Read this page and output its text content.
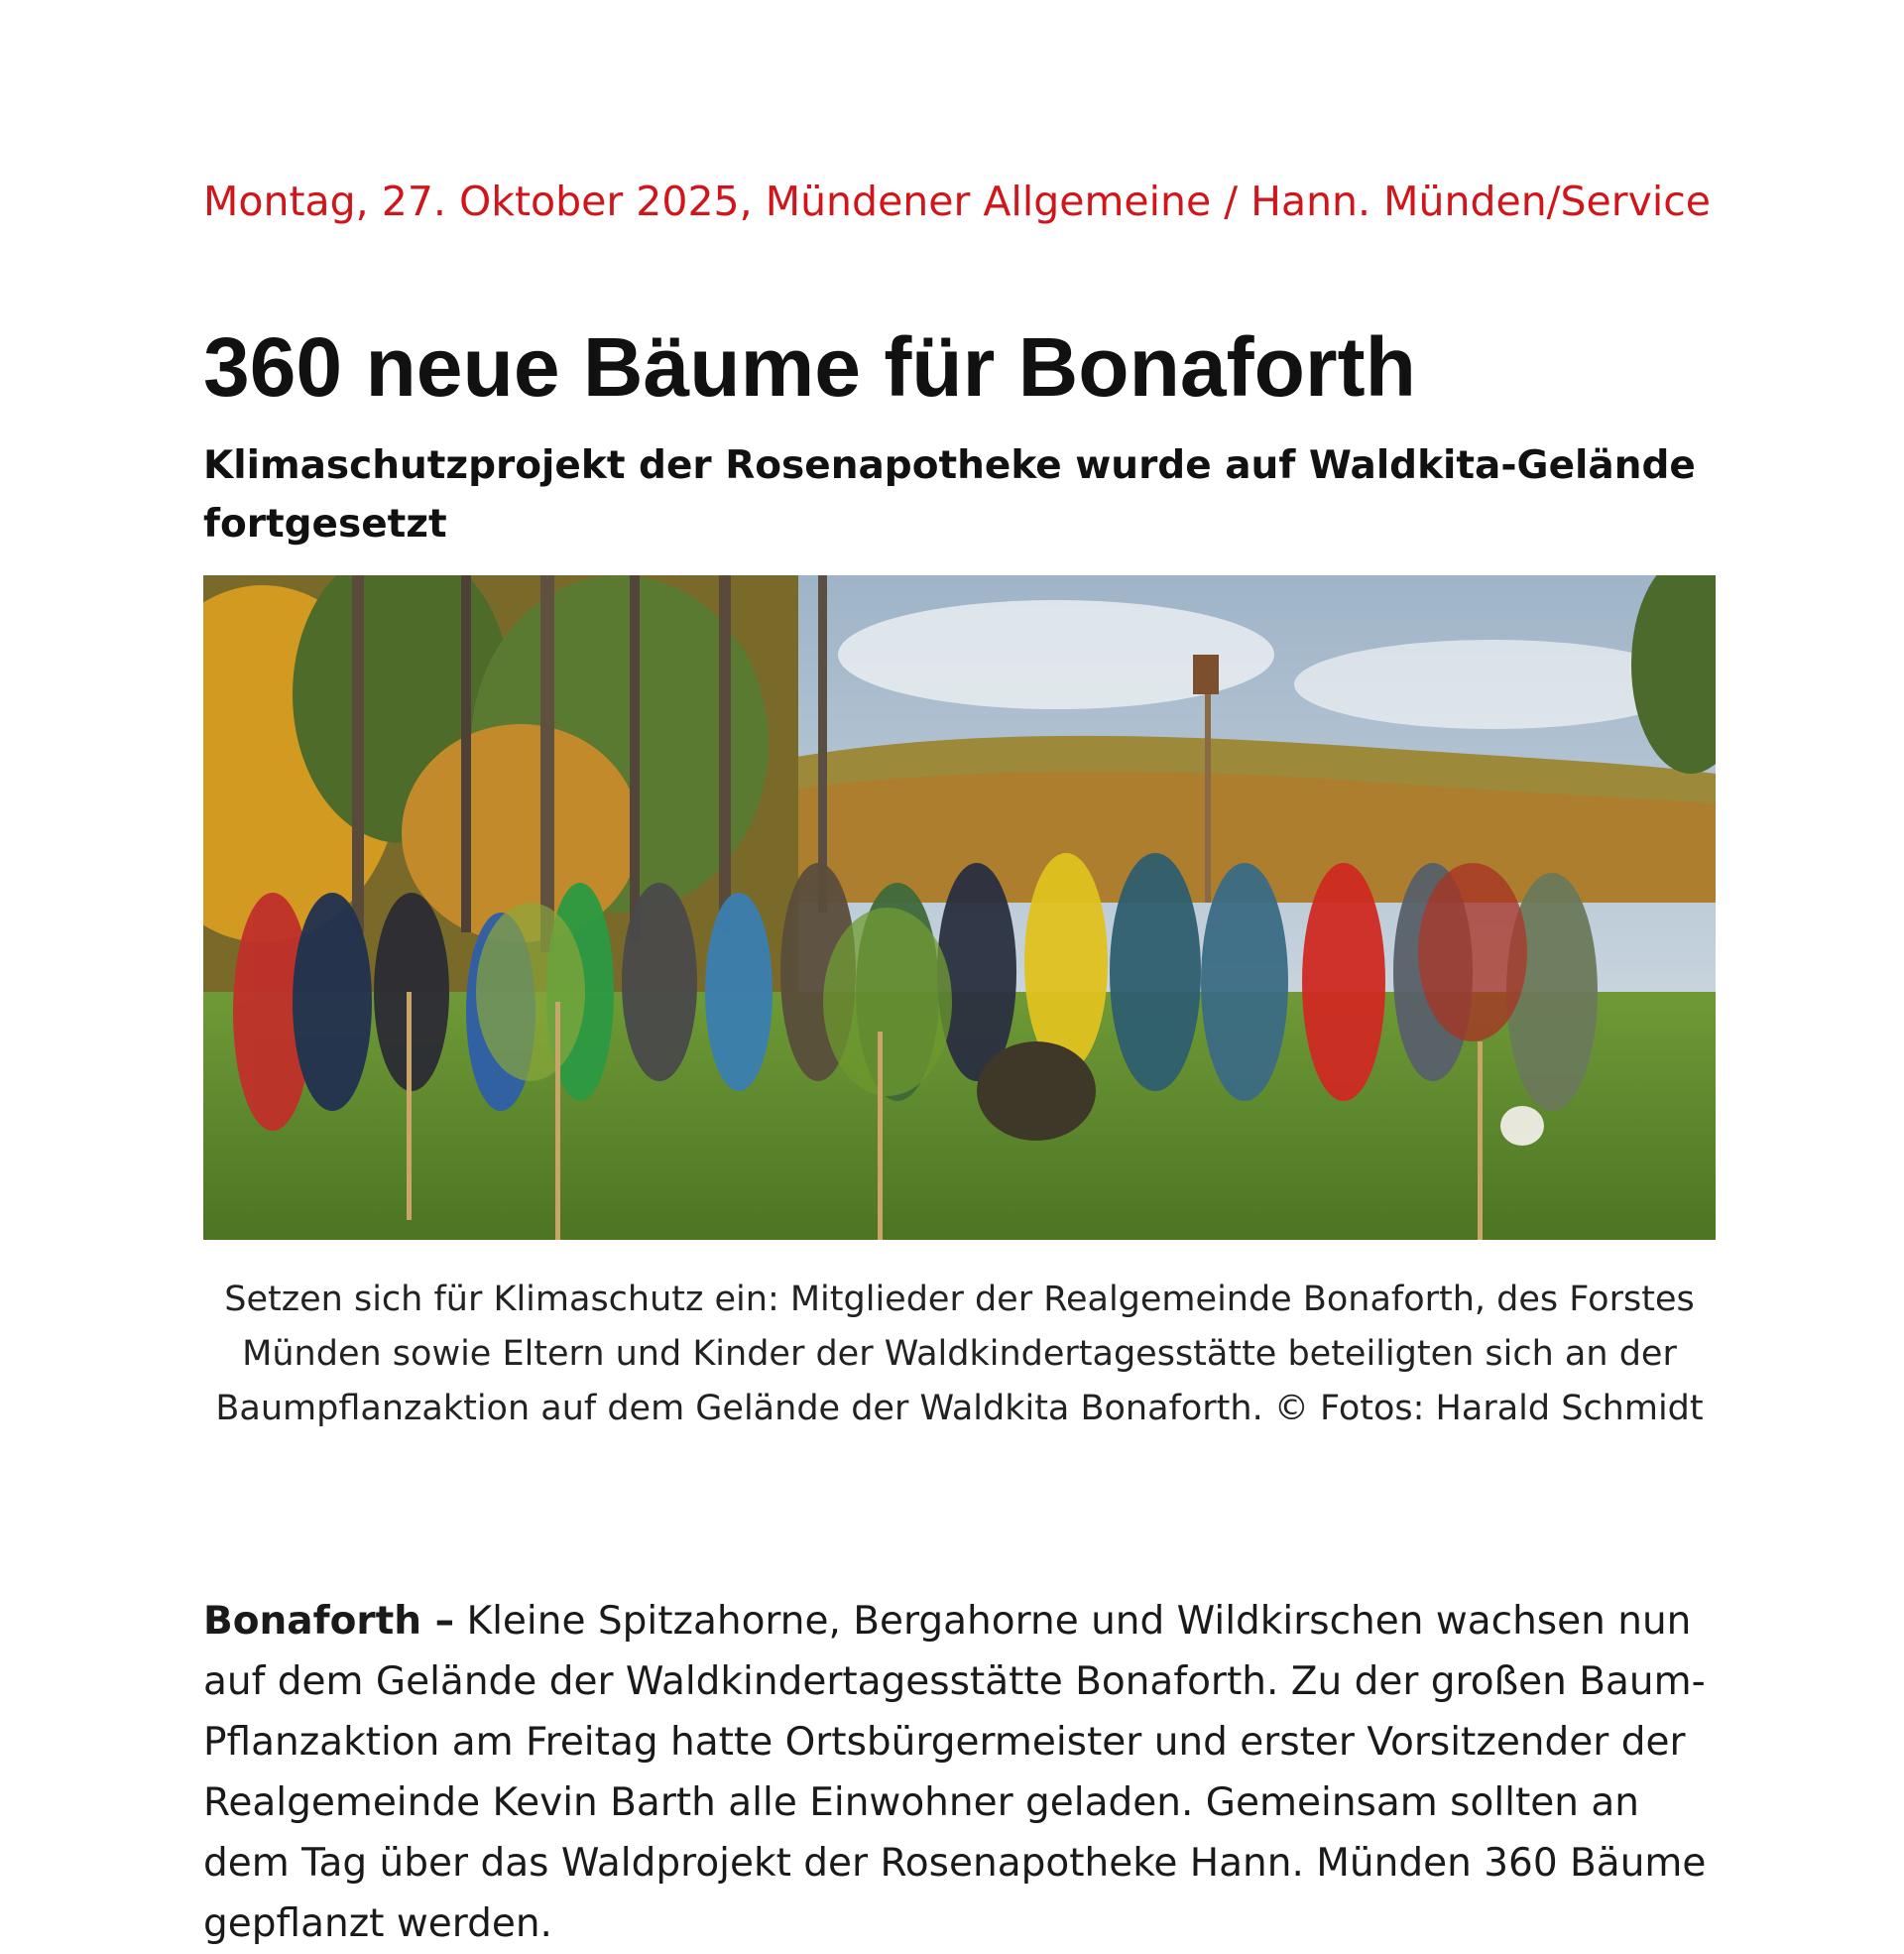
Montag, 27. Oktober 2025, Mündener Allgemeine / Hann. Münden/Service
360 neue Bäume für Bonaforth
Klimaschutzprojekt der Rosenapotheke wurde auf Waldkita-Gelände fortgesetzt
Setzen sich für Klimaschutz ein: Mitglieder der Realgemeinde Bonaforth, des Forstes Münden sowie Eltern und Kinder der Waldkindertagesstätte beteiligten sich an der Baumpflanzaktion auf dem Gelände der Waldkita Bonaforth. © Fotos: Harald Schmidt

Bonaforth – Kleine Spitzahorne, Bergahorne und Wildkirschen wachsen nun auf dem Gelände der Waldkindertagesstätte Bonaforth. Zu der großen Baum-Pflanzaktion am Freitag hatte Ortsbürgermeister und erster Vorsitzender der Realgemeinde Kevin Barth alle Einwohner geladen. Gemeinsam sollten an dem Tag über das Waldprojekt der Rosenapotheke Hann. Münden 360 Bäume gepflanzt werden.
